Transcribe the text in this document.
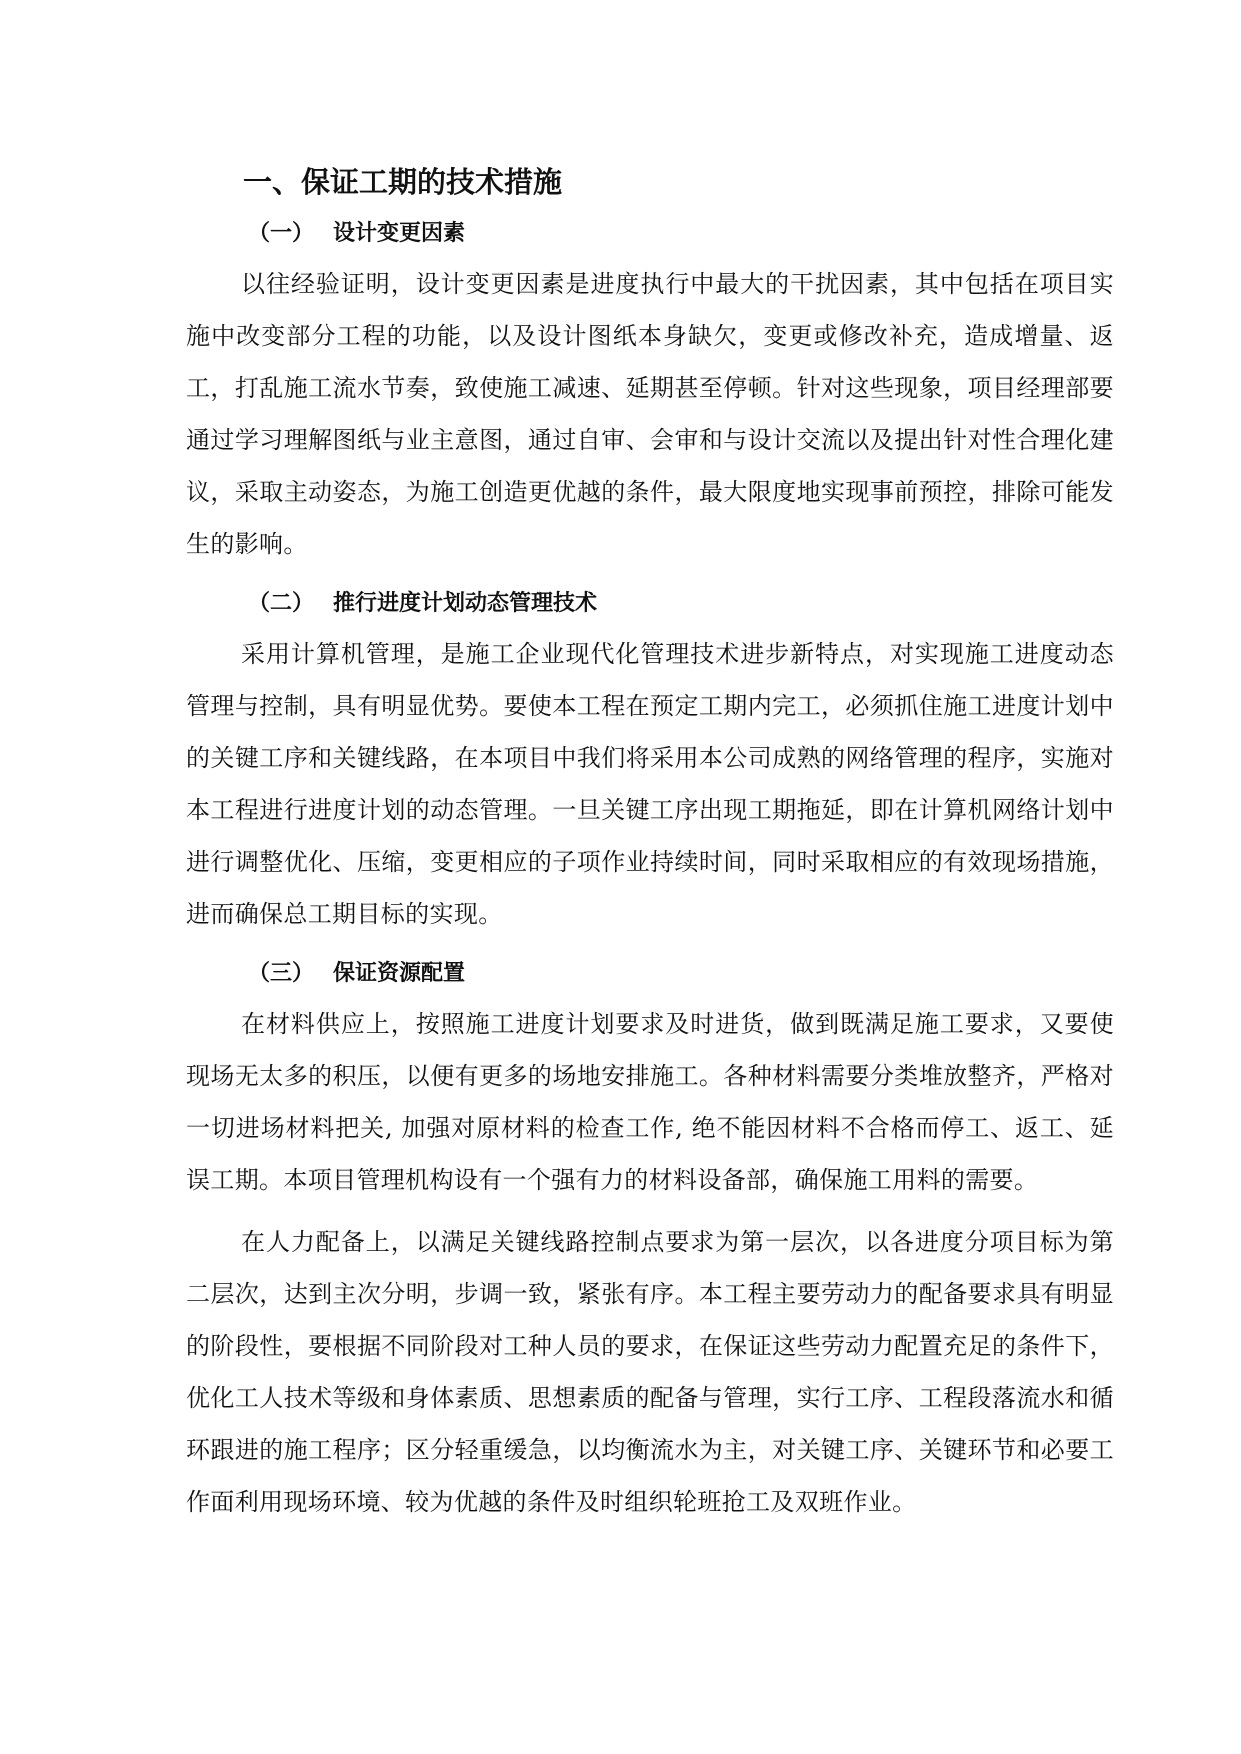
一、保证工期的技术措施
（一） 设计变更因素

以往经验证明，设计变更因素是进度执行中最大的干扰因素，其中包括在项目实施中改变部分工程的功能，以及设计图纸本身缺欠，变更或修改补充，造成增量、返工，打乱施工流水节奏，致使施工减速、延期甚至停顿。针对这些现象，项目经理部要通过学习理解图纸与业主意图，通过自审、会审和与设计交流以及提出针对性合理化建议，采取主动姿态，为施工创造更优越的条件，最大限度地实现事前预控，排除可能发生的影响。

（二） 推行进度计划动态管理技术

采用计算机管理，是施工企业现代化管理技术进步新特点，对实现施工进度动态管理与控制，具有明显优势。要使本工程在预定工期内完工，必须抓住施工进度计划中的关键工序和关键线路，在本项目中我们将采用本公司成熟的网络管理的程序，实施对本工程进行进度计划的动态管理。一旦关键工序出现工期拖延，即在计算机网络计划中进行调整优化、压缩，变更相应的子项作业持续时间，同时采取相应的有效现场措施，进而确保总工期目标的实现。

（三） 保证资源配置

在材料供应上，按照施工进度计划要求及时进货，做到既满足施工要求，又要使现场无太多的积压，以便有更多的场地安排施工。各种材料需要分类堆放整齐，严格对一切进场材料把关, 加强对原材料的检查工作, 绝不能因材料不合格而停工、返工、延误工期。本项目管理机构设有一个强有力的材料设备部，确保施工用料的需要。

在人力配备上，以满足关键线路控制点要求为第一层次，以各进度分项目标为第二层次，达到主次分明，步调一致，紧张有序。本工程主要劳动力的配备要求具有明显的阶段性，要根据不同阶段对工种人员的要求，在保证这些劳动力配置充足的条件下，优化工人技术等级和身体素质、思想素质的配备与管理，实行工序、工程段落流水和循环跟进的施工程序；区分轻重缓急，以均衡流水为主，对关键工序、关键环节和必要工作面利用现场环境、较为优越的条件及时组织轮班抢工及双班作业。
